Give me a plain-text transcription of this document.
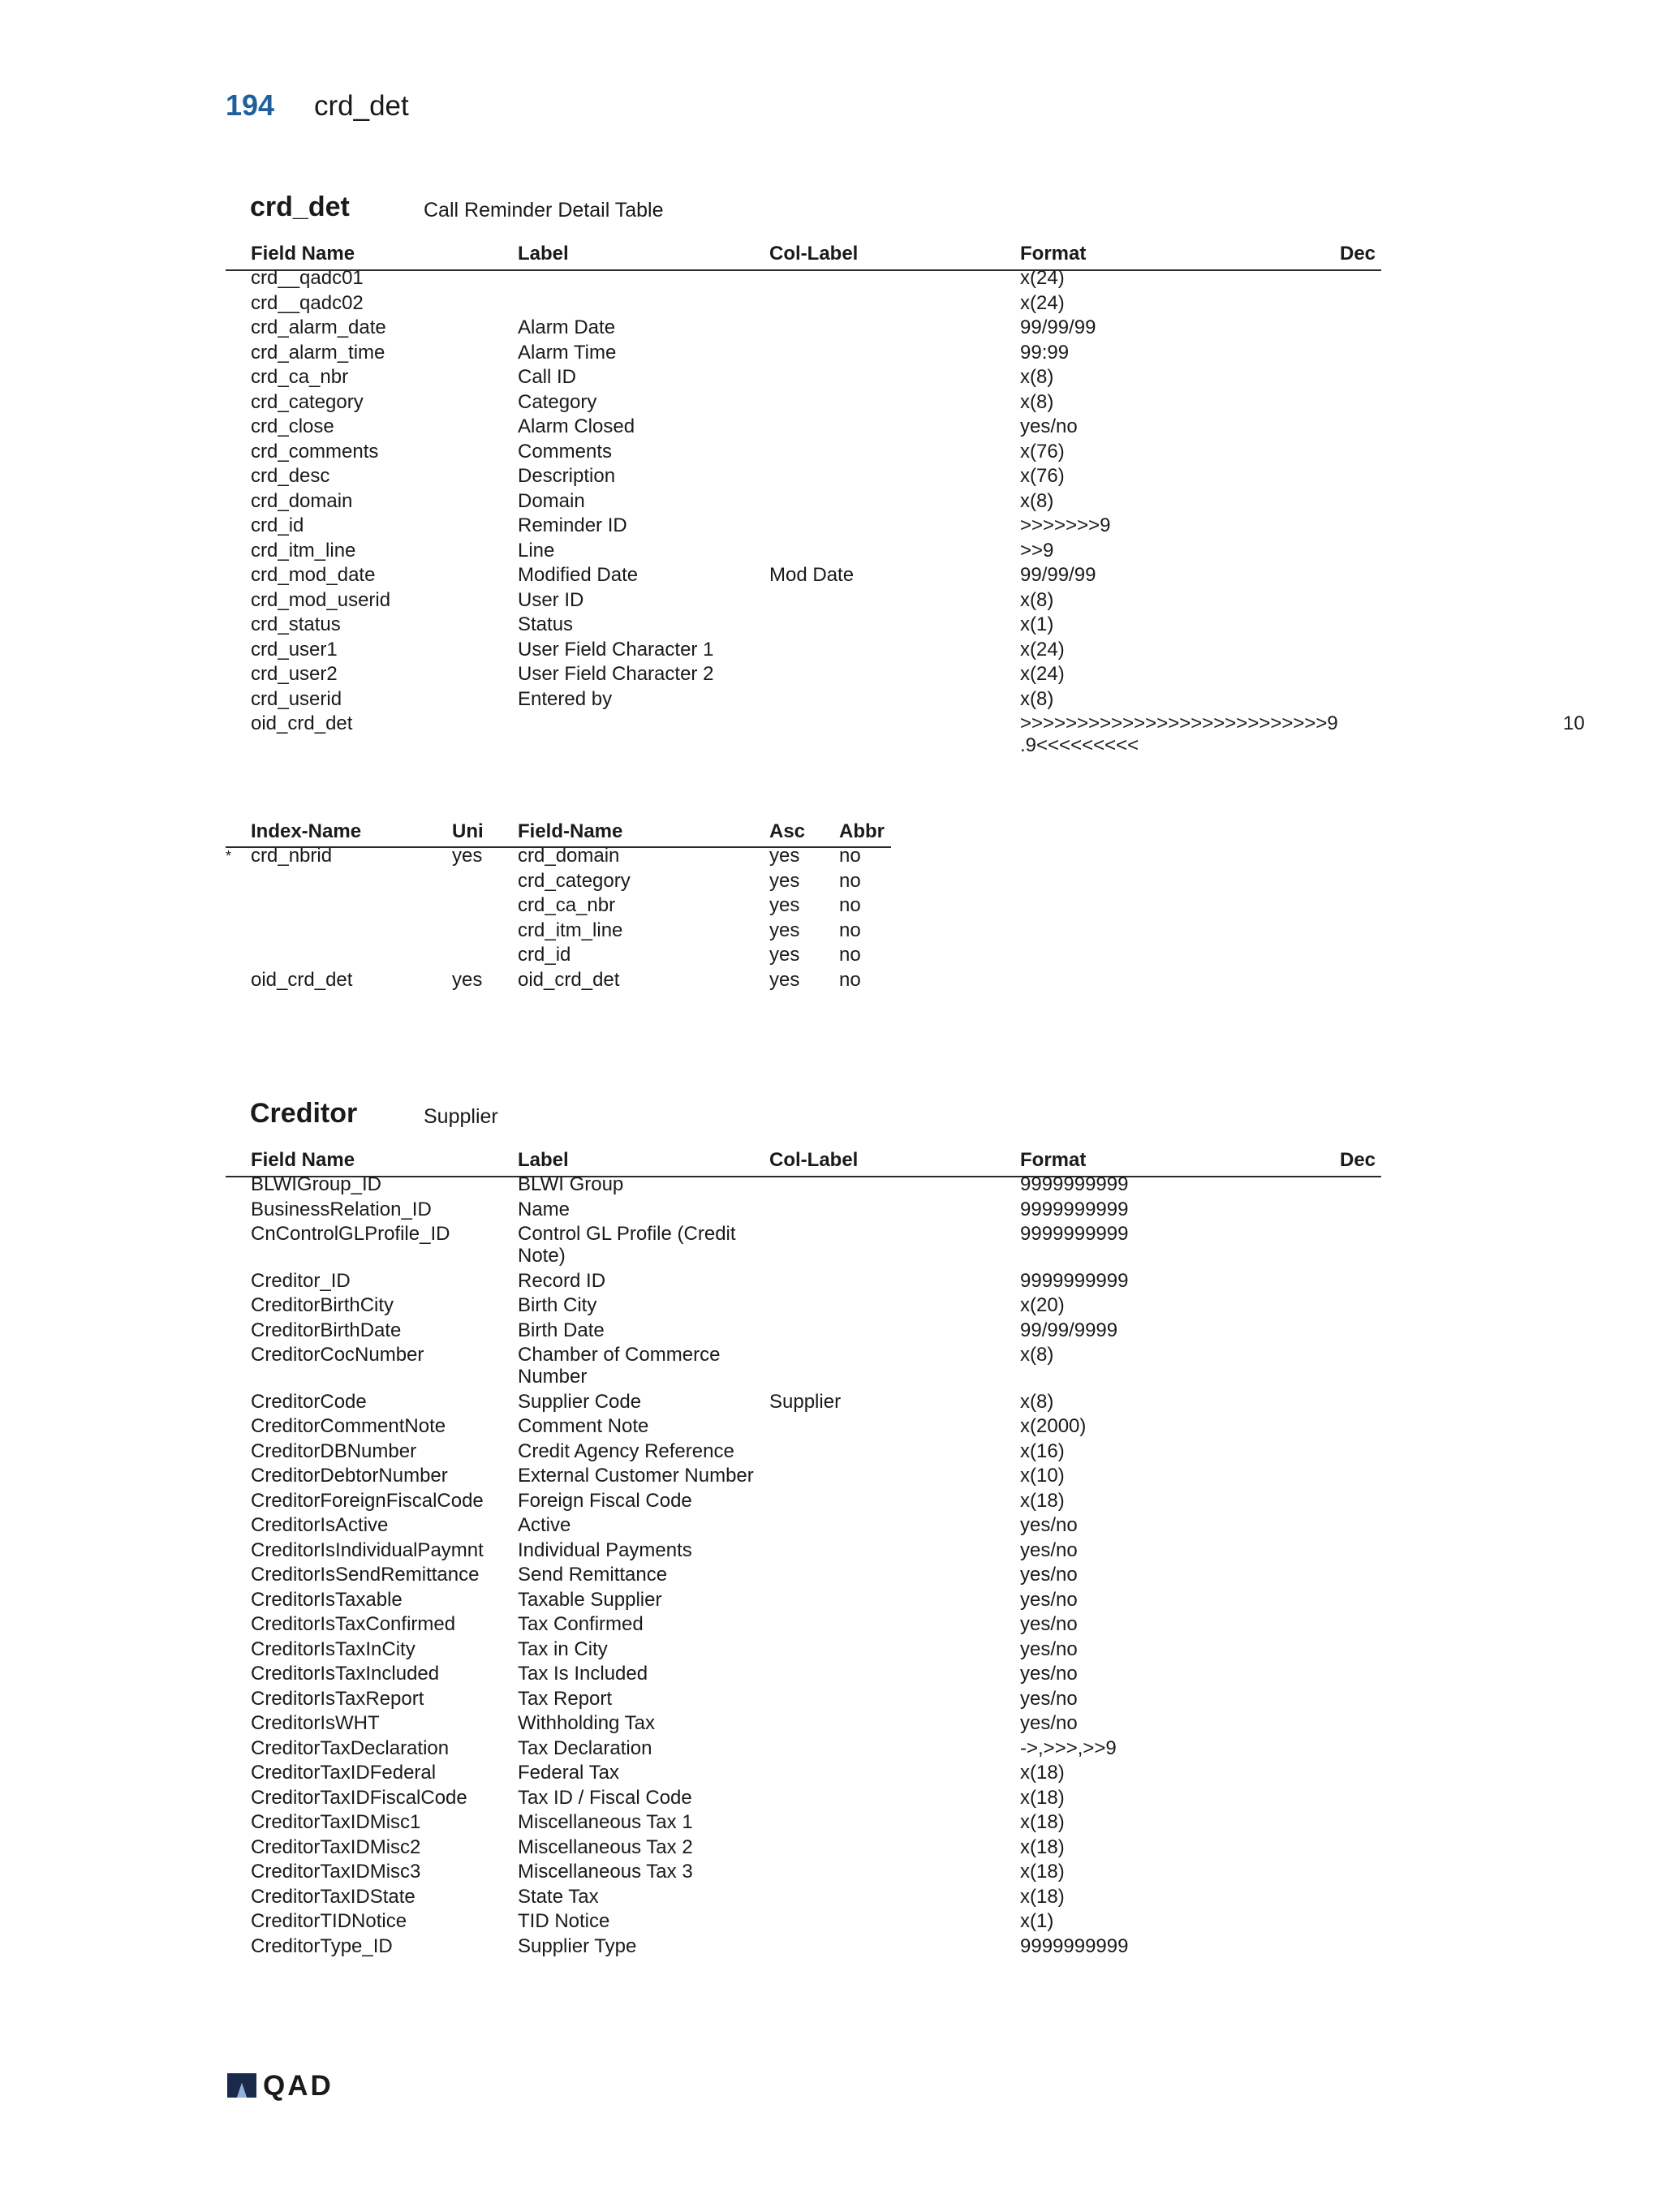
194 crd_det
crd_det	Call Reminder Detail Table
Field Name	Label	Col-Label	Format	Dec
crd__qadc01	x(24)
crd__qadc02	x(24)
crd_alarm_date	Alarm Date	99/99/99
crd_alarm_time	Alarm Time	99:99
crd_ca_nbr	Call ID	x(8)
crd_category	Category	x(8)
crd_close	Alarm Closed	yes/no
crd_comments	Comments	x(76)
crd_desc	Description	x(76)
crd_domain	Domain	x(8)
crd_id	Reminder ID	>>>>>>>9
crd_itm_line	Line	>>9
crd_mod_date	Modified Date	Mod Date	99/99/99
crd_mod_userid	User ID	x(8)
crd_status	Status	x(1)
crd_user1	User Field Character 1	x(24)
crd_user2	User Field Character 2	x(24)
crd_userid	Entered by	x(8)
oid_crd_det	>>>>>>>>>>>>>>>>>>>>>>>>>>>9	10
.9<<<<<<<<<
Index-Name	Uni Field-Name	Asc Abbr
* crd_nbrid	yes crd_domain	yes no
crd_category	yes no
crd_ca_nbr	yes no
crd_itm_line	yes no
crd_id	yes no
oid_crd_det	yes oid_crd_det	yes no
Creditor	Supplier
Field Name	Label	Col-Label	Format	Dec
BLWIGroup_ID	BLWI Group	9999999999
BusinessRelation_ID	Name	9999999999
CnControlGLProfile_ID	Control GL Profile (Credit	9999999999
Note)
Creditor_ID	Record ID	9999999999
CreditorBirthCity	Birth City	x(20)
CreditorBirthDate	Birth Date	99/99/9999
CreditorCocNumber	Chamber of Commerce	x(8)
Number
CreditorCode	Supplier Code	Supplier	x(8)
CreditorCommentNote	Comment Note	x(2000)
CreditorDBNumber	Credit Agency Reference	x(16)
CreditorDebtorNumber	External Customer Number	x(10)
CreditorForeignFiscalCode Foreign Fiscal Code	x(18)
CreditorIsActive	Active	yes/no
CreditorIsIndividualPaymnt Individual Payments	yes/no
CreditorIsSendRemittance Send Remittance	yes/no
CreditorIsTaxable	Taxable Supplier	yes/no
CreditorIsTaxConfirmed	Tax Confirmed	yes/no
CreditorIsTaxInCity	Tax in City	yes/no
CreditorIsTaxIncluded	Tax Is Included	yes/no
CreditorIsTaxReport	Tax Report	yes/no
CreditorIsWHT	Withholding Tax	yes/no
CreditorTaxDeclaration	Tax Declaration	->,>>>,>>9
CreditorTaxIDFederal	Federal Tax	x(18)
CreditorTaxIDFiscalCode	Tax ID / Fiscal Code	x(18)
CreditorTaxIDMisc1	Miscellaneous Tax 1	x(18)
CreditorTaxIDMisc2	Miscellaneous Tax 2	x(18)
CreditorTaxIDMisc3	Miscellaneous Tax 3	x(18)
CreditorTaxIDState	State Tax	x(18)
CreditorTIDNotice	TID Notice	x(1)
CreditorType_ID	Supplier Type	9999999999
QAD
